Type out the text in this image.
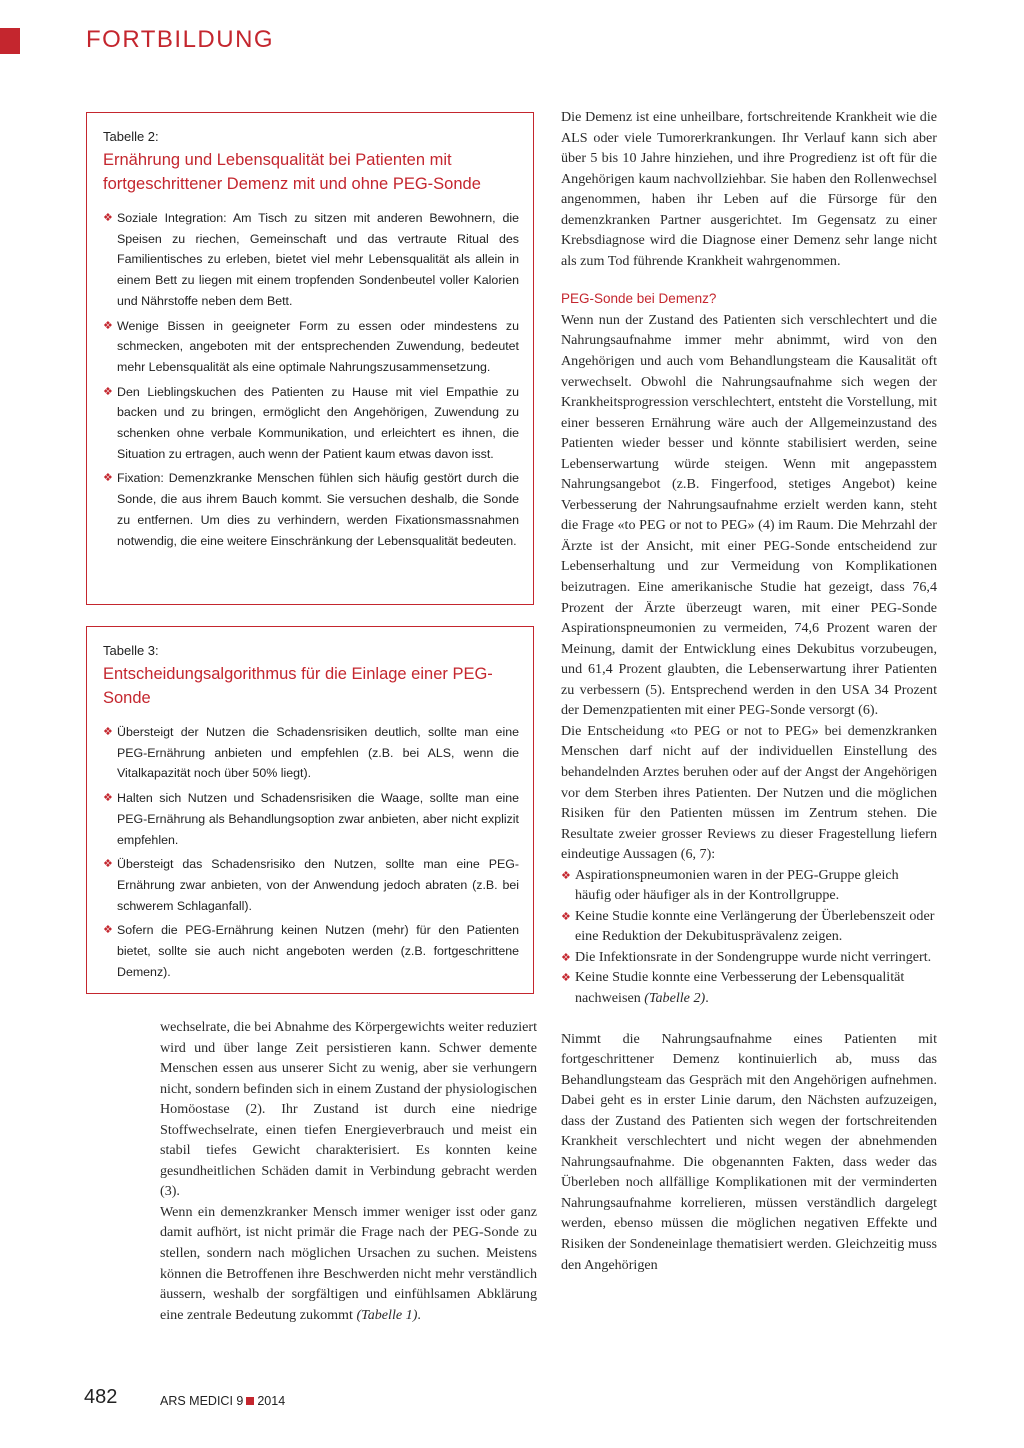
FORTBILDUNG

Tabelle 2:

Ernährung und Lebensqualität bei Patienten mit fortgeschrittener Demenz mit und ohne PEG-Sonde

❖ Soziale Integration: Am Tisch zu sitzen mit anderen Bewohnern, die Speisen zu riechen, Gemeinschaft und das vertraute Ritual des Familientisches zu erleben, bietet viel mehr Lebensqualität als allein in einem Bett zu liegen mit einem tropfenden Sondenbeutel voller Kalorien und Nährstoffe neben dem Bett.
❖ Wenige Bissen in geeigneter Form zu essen oder mindestens zu schmecken, angeboten mit der entsprechenden Zuwendung, bedeutet mehr Lebensqualität als eine optimale Nahrungszusammensetzung.
❖ Den Lieblingskuchen des Patienten zu Hause mit viel Empathie zu backen und zu bringen, ermöglicht den Angehörigen, Zuwendung zu schenken ohne verbale Kommunikation, und erleichtert es ihnen, die Situation zu ertragen, auch wenn der Patient kaum etwas davon isst.
❖ Fixation: Demenzkranke Menschen fühlen sich häufig gestört durch die Sonde, die aus ihrem Bauch kommt. Sie versuchen deshalb, die Sonde zu entfernen. Um dies zu verhindern, werden Fixationsmassnahmen notwendig, die eine weitere Einschränkung der Lebensqualität bedeuten.

Tabelle 3:

Entscheidungsalgorithmus für die Einlage einer PEG-Sonde

❖ Übersteigt der Nutzen die Schadensrisiken deutlich, sollte man eine PEG-Ernährung anbieten und empfehlen (z.B. bei ALS, wenn die Vitalkapazität noch über 50% liegt).
❖ Halten sich Nutzen und Schadensrisiken die Waage, sollte man eine PEG-Ernährung als Behandlungsoption zwar anbieten, aber nicht explizit empfehlen.
❖ Übersteigt das Schadensrisiko den Nutzen, sollte man eine PEG-Ernährung zwar anbieten, von der Anwendung jedoch abraten (z.B. bei schwerem Schlaganfall).
❖ Sofern die PEG-Ernährung keinen Nutzen (mehr) für den Patienten bietet, sollte sie auch nicht angeboten werden (z.B. fortgeschrittene Demenz).

wechselrate, die bei Abnahme des Körpergewichts weiter reduziert wird und über lange Zeit persistieren kann. Schwer demente Menschen essen aus unserer Sicht zu wenig, aber sie verhungern nicht, sondern befinden sich in einem Zustand der physiologischen Homöostase (2). Ihr Zustand ist durch eine niedrige Stoffwechselrate, einen tiefen Energieverbrauch und meist ein stabil tiefes Gewicht charakterisiert. Es konnten keine gesundheitlichen Schäden damit in Verbindung gebracht werden (3).

Wenn ein demenzkranker Mensch immer weniger isst oder ganz damit aufhört, ist nicht primär die Frage nach der PEG-Sonde zu stellen, sondern nach möglichen Ursachen zu suchen. Meistens können die Betroffenen ihre Beschwerden nicht mehr verständlich äussern, weshalb der sorgfältigen und einfühlsamen Abklärung eine zentrale Bedeutung zukommt (Tabelle 1).

Die Demenz ist eine unheilbare, fortschreitende Krankheit wie die ALS oder viele Tumorerkrankungen. Ihr Verlauf kann sich aber über 5 bis 10 Jahre hinziehen, und ihre Progredienz ist oft für die Angehörigen kaum nachvollziehbar. Sie haben den Rollenwechsel angenommen, haben ihr Leben auf die Fürsorge für den demenzkranken Partner ausgerichtet. Im Gegensatz zu einer Krebsdiagnose wird die Diagnose einer Demenz sehr lange nicht als zum Tod führende Krankheit wahrgenommen.

PEG-Sonde bei Demenz?

Wenn nun der Zustand des Patienten sich verschlechtert und die Nahrungsaufnahme immer mehr abnimmt, wird von den Angehörigen und auch vom Behandlungsteam die Kausalität oft verwechselt. Obwohl die Nahrungsaufnahme sich wegen der Krankheitsprogression verschlechtert, entsteht die Vorstellung, mit einer besseren Ernährung wäre auch der Allgemeinzustand des Patienten wieder besser und könnte stabilisiert werden, seine Lebenserwartung würde steigen. Wenn mit angepasstem Nahrungsangebot (z.B. Fingerfood, stetiges Angebot) keine Verbesserung der Nahrungsaufnahme erzielt werden kann, steht die Frage «to PEG or not to PEG» (4) im Raum. Die Mehrzahl der Ärzte ist der Ansicht, mit einer PEG-Sonde entscheidend zur Lebenserhaltung und zur Vermeidung von Komplikationen beizutragen. Eine amerikanische Studie hat gezeigt, dass 76,4 Prozent der Ärzte überzeugt waren, mit einer PEG-Sonde Aspirationspneumonien zu vermeiden, 74,6 Prozent waren der Meinung, damit der Entwicklung eines Dekubitus vorzubeugen, und 61,4 Prozent glaubten, die Lebenserwartung ihrer Patienten zu verbessern (5). Entsprechend werden in den USA 34 Prozent der Demenzpatienten mit einer PEG-Sonde versorgt (6).

Die Entscheidung «to PEG or not to PEG» bei demenzkranken Menschen darf nicht auf der individuellen Einstellung des behandelnden Arztes beruhen oder auf der Angst der Angehörigen vor dem Sterben ihres Patienten. Der Nutzen und die möglichen Risiken für den Patienten müssen im Zentrum stehen. Die Resultate zweier grosser Reviews zu dieser Fragestellung liefern eindeutige Aussagen (6, 7):

❖ Aspirationspneumonien waren in der PEG-Gruppe gleich häufig oder häufiger als in der Kontrollgruppe.
❖ Keine Studie konnte eine Verlängerung der Überlebenszeit oder eine Reduktion der Dekubitusprävalenz zeigen.
❖ Die Infektionsrate in der Sondengruppe wurde nicht verringert.
❖ Keine Studie konnte eine Verbesserung der Lebensqualität nachweisen (Tabelle 2).

Nimmt die Nahrungsaufnahme eines Patienten mit fortgeschrittener Demenz kontinuierlich ab, muss das Behandlungsteam das Gespräch mit den Angehörigen aufnehmen. Dabei geht es in erster Linie darum, den Nächsten aufzuzeigen, dass der Zustand des Patienten sich wegen der fortschreitenden Krankheit verschlechtert und nicht wegen der abnehmenden Nahrungsaufnahme. Die obgenannten Fakten, dass weder das Überleben noch allfällige Komplikationen mit der verminderten Nahrungsaufnahme korrelieren, müssen verständlich dargelegt werden, ebenso müssen die möglichen negativen Effekte und Risiken der Sondeneinlage thematisiert werden. Gleichzeitig muss den Angehörigen

482	ARS MEDICI 9 2014
